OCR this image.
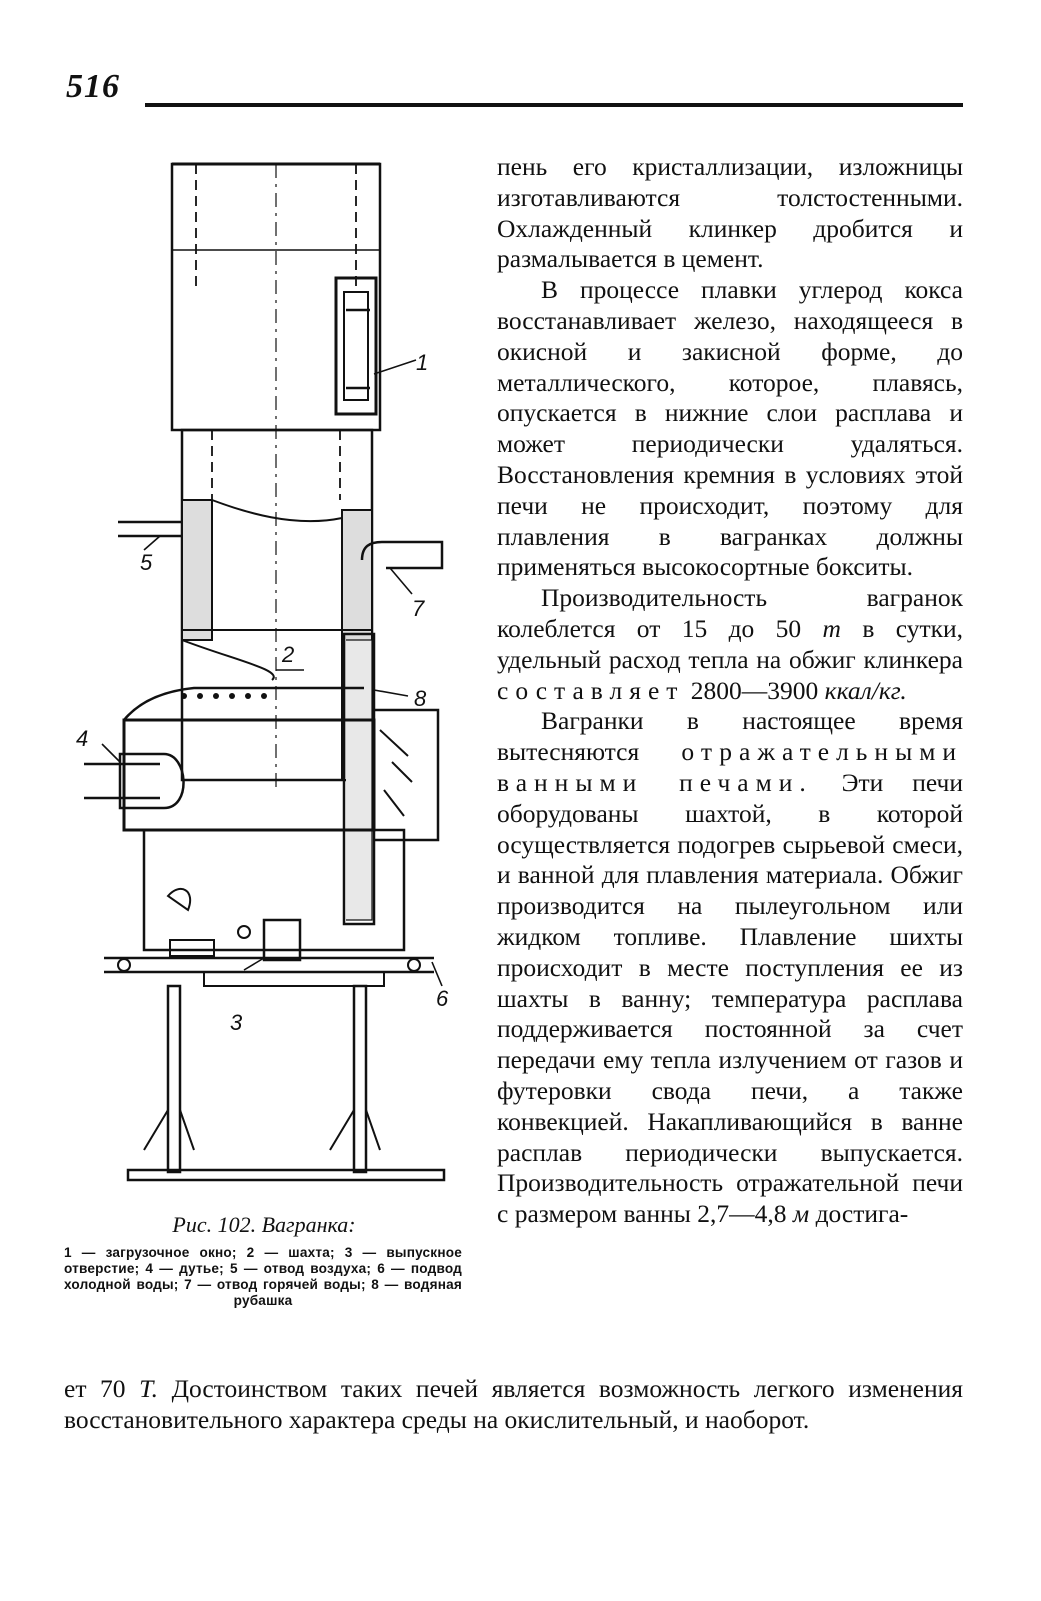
516
1
2
3
4
5
6
7
8
Рис. 102. Вагранка:
1 — загрузочное окно; 2 — шахта; 3 — выпускное отверстие; 4 — дутье; 5 — отвод воздуха; 6 — подвод холодной воды; 7 — отвод горячей воды; 8 — водяная рубашка

пень его кристаллизации, изложницы изготавливаются толстостенными. Охлажденный клинкер дробится и размалывается в цемент.

В процессе плавки углерод кокса восстанавливает железо, находящееся в окисной и закисной форме, до металлического, которое, плавясь, опускается в нижние слои расплава и может периодически удаляться. Восстановления кремния в условиях этой печи не происходит, поэтому для плавления в вагранках должны применяться высокосортные бокситы.

Производительность вагранок колеблется от 15 до 50 т в сутки, удельный расход тепла на обжиг клинкера составляет 2800—3900 ккал/кг.

Вагранки в настоящее время вытесняются отражательными ванными печами. Эти печи оборудованы шахтой, в которой осуществляется подогрев сырьевой смеси, и ванной для плавления материала. Обжиг производится на пылеугольном или жидком топливе. Плавление шихты происходит в месте поступления ее из шахты в ванну; температура расплава поддерживается постоянной за счет передачи ему тепла излучением от газов и футеровки свода печи, а также конвекцией. Накапливающийся в ванне расплав периодически выпускается. Производительность отражательной печи с размером ванны 2,7—4,8 м достига-

ет 70 Т. Достоинством таких печей является возможность легкого изменения восстановительного характера среды на окислительный, и наоборот.
